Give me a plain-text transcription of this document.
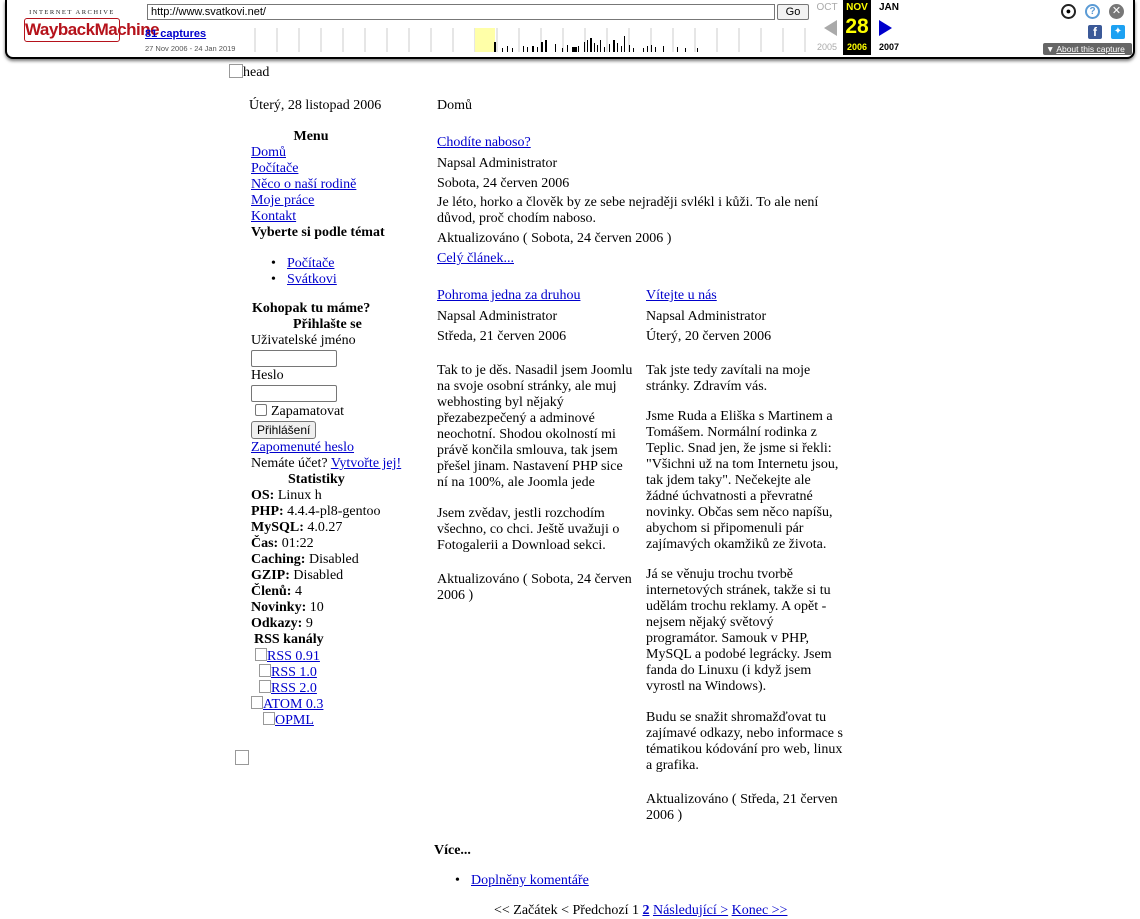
INTERNET ARCHIVE
WaybackMachine
http://www.svatkovi.net/	Go
81 captures
27 Nov 2006 - 24 Jan 2019
OCT
2005
NOV
28
2006
JAN
2007
●	?	✕
f	✦
▼ About this capture
head
Úterý, 28 listopad 2006
Menu
Domů
Počítače
Něco o naší rodině
Moje práce
Kontakt
Vyberte si podle témat
Kohopak tu máme?
Přihlašte se
Uživatelské jméno
Heslo
Zapamatovat
Přihlášení
Zapomenuté heslo
Nemáte účet? Vytvořte jej!
Statistiky
OS: Linux h
PHP: 4.4.4-pl8-gentoo
MySQL: 4.0.27
Čas: 01:22
Caching: Disabled
GZIP: Disabled
Členů: 4
Novinky: 10
Odkazy: 9
RSS kanály
RSS 0.91
RSS 1.0
RSS 2.0
ATOM 0.3
OPML
• Počítače
• Svátkovi
Domů
Chodíte naboso?
Napsal Administrator
Sobota, 24 červen 2006
Je léto, horko a člověk by ze sebe nejraději svlékl i kůži. To ale není důvod, proč chodím naboso.
Aktualizováno ( Sobota, 24 červen 2006 )
Celý článek...
Pohroma jedna za druhou
Napsal Administrator
Středa, 21 červen 2006
Tak to je děs. Nasadil jsem Joomlu na svoje osobní stránky, ale muj webhosting byl nějaký přezabezpečený a adminové neochotní. Shodou okolností mi právě končila smlouva, tak jsem přešel jinam. Nastavení PHP sice ní na 100%, ale Joomla jede
Jsem zvědav, jestli rozchodím všechno, co chci. Ještě uvažuji o Fotogalerii a Download sekci.
Aktualizováno ( Sobota, 24 červen 2006 )
Vítejte u nás
Napsal Administrator
Úterý, 20 červen 2006
Tak jste tedy zavítali na moje stránky. Zdravím vás.
Jsme Ruda a Eliška s Martinem a Tomášem. Normální rodinka z Teplic. Snad jen, že jsme si řekli: "Všichni už na tom Internetu jsou, tak jdem taky". Nečekejte ale žádné úchvatnosti a převratné novinky. Občas sem něco napíšu, abychom si připomenuli pár zajímavých okamžiků ze života.
Já se věnuju trochu tvorbě internetových stránek, takže si tu udělám trochu reklamy. A opět - nejsem nějaký světový programátor. Samouk v PHP, MySQL a podobé legrácky. Jsem fanda do Linuxu (i když jsem vyrostl na Windows).
Budu se snažit shromažďovat tu zajímavé odkazy, nebo informace s tématikou kódování pro web, linux a grafika.
Aktualizováno ( Středa, 21 červen 2006 )
Více...
• Doplněny komentáře
<< Začátek < Předchozí 1 2 Následující > Konec >>
